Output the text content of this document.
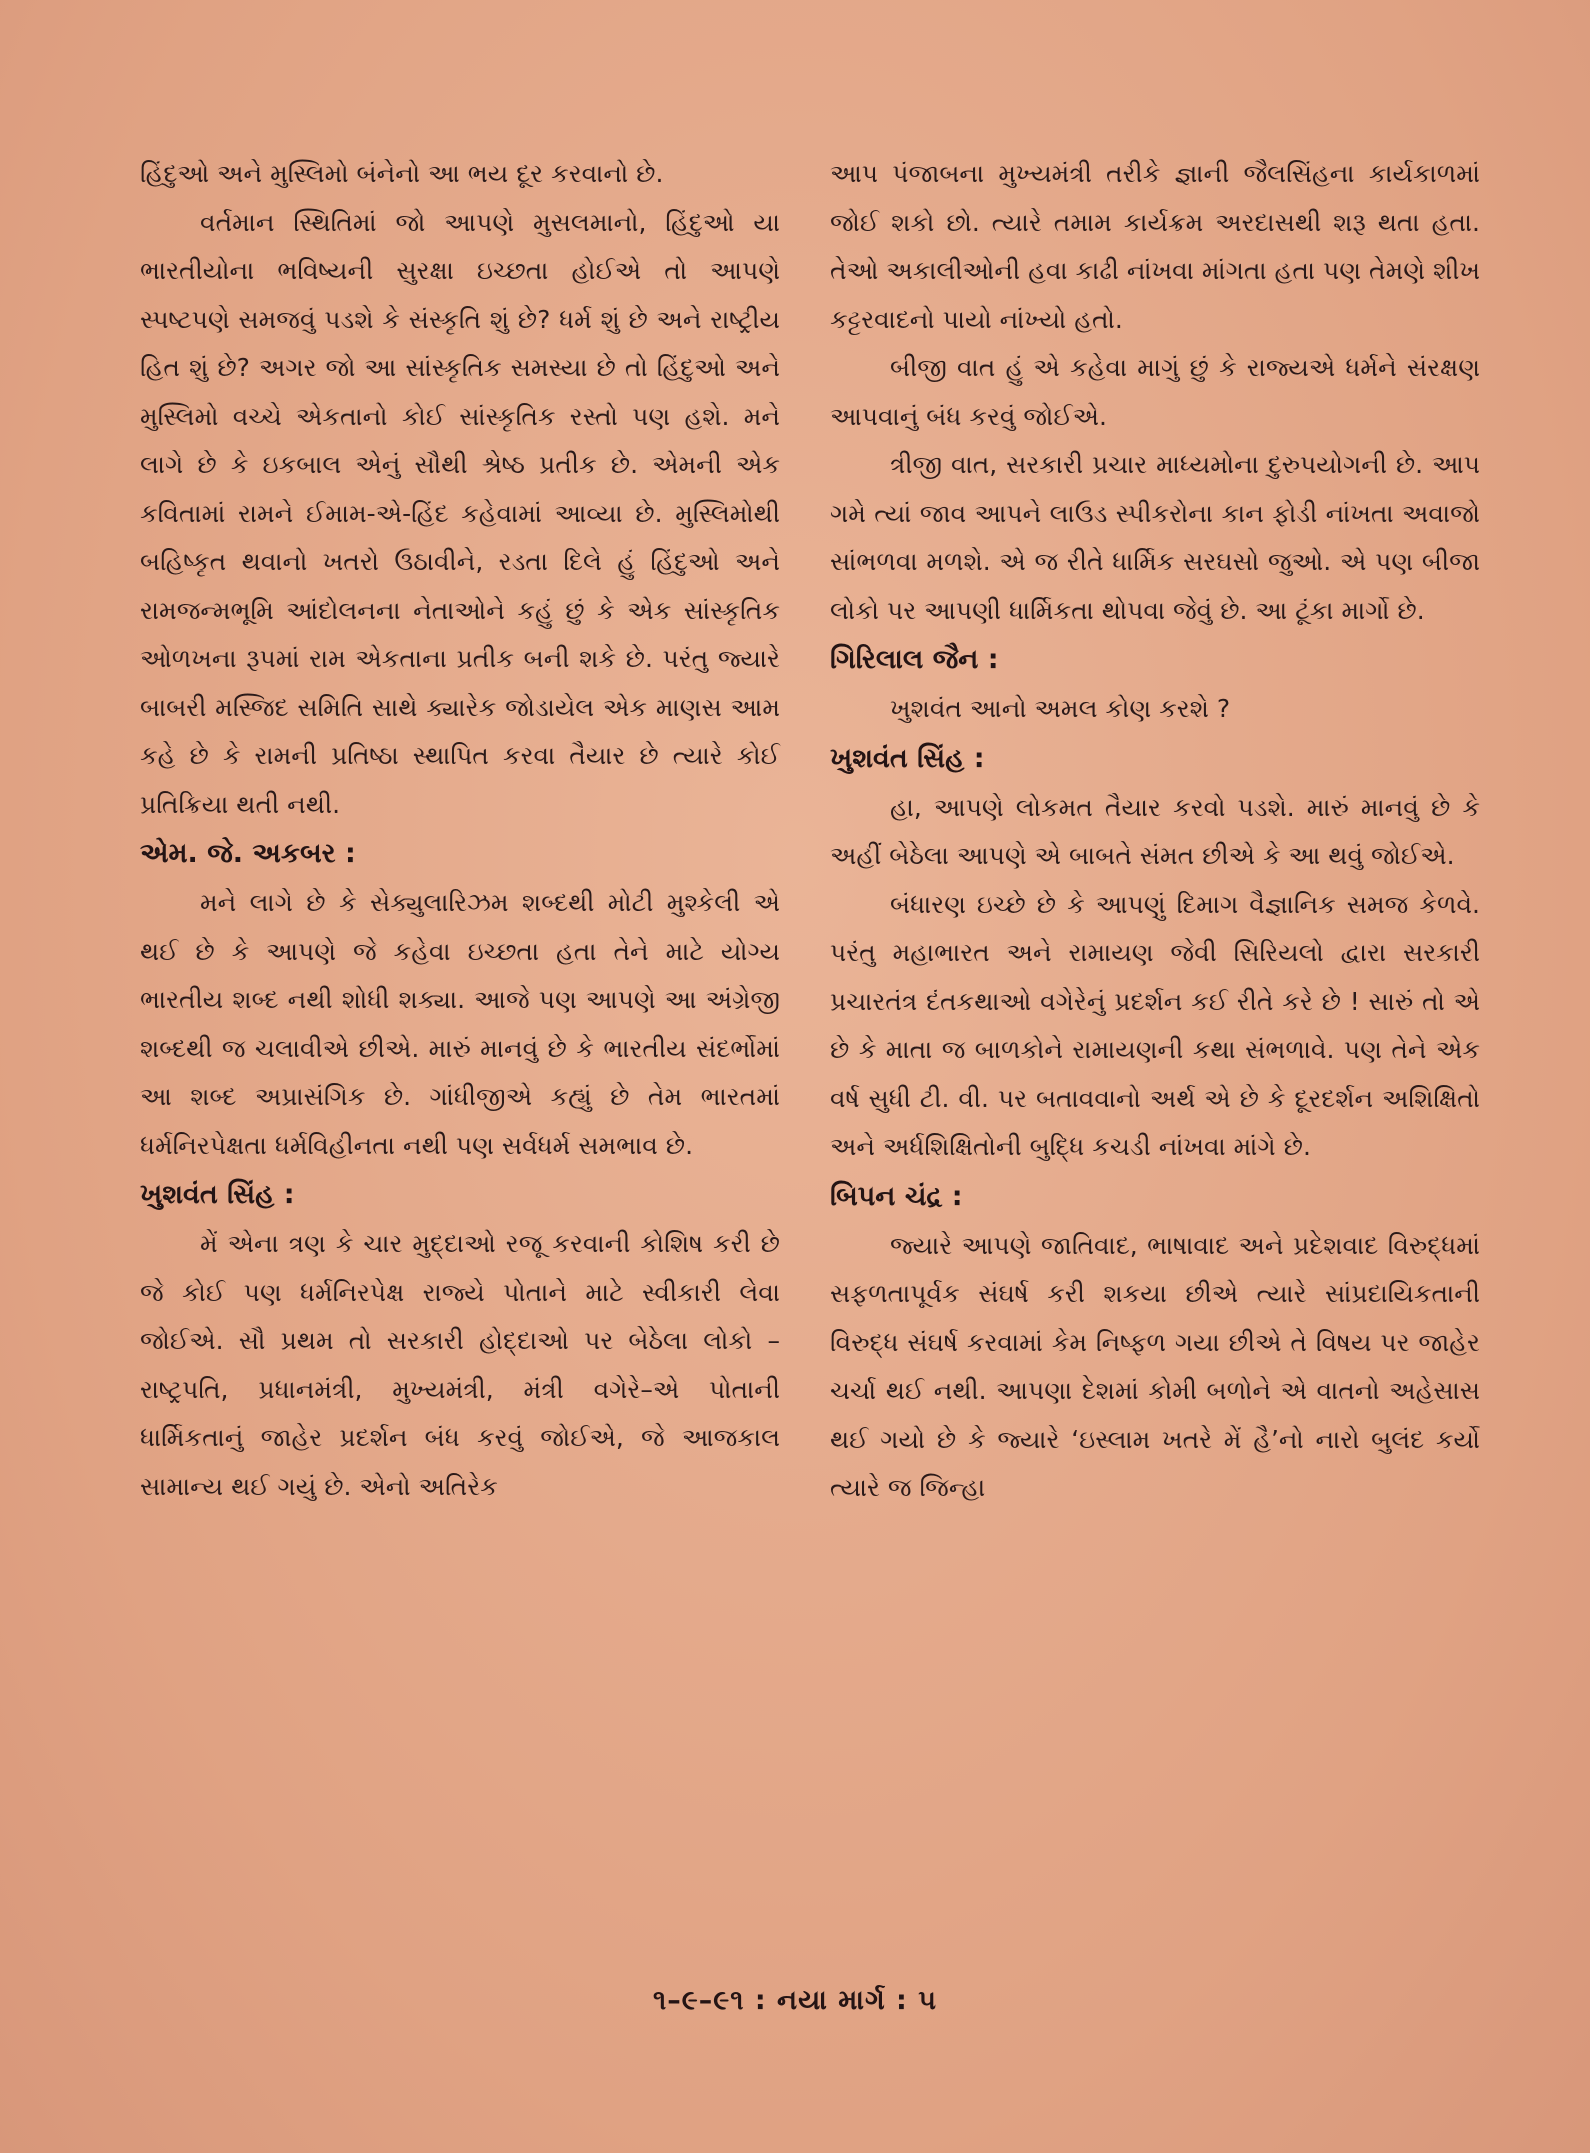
હિંદુઓ અને મુસ્લિમો બંનેનો આ ભય દૂર કરવાનો છે.

વર્તમાન સ્થિતિમાં જો આપણે મુસલમાનો, હિંદુઓ યા ભારતીયોના ભવિષ્યની સુરક્ષા ઇચ્છતા હોઈએ તો આપણે સ્પષ્ટપણે સમજવું પડશે કે સંસ્કૃતિ શું છે? ધર્મ શું છે અને રાષ્ટ્રીય હિત શું છે? અગર જો આ સાંસ્કૃતિક સમસ્યા છે તો હિંદુઓ અને મુસ્લિમો વચ્ચે એકતાનો કોઈ સાંસ્કૃતિક રસ્તો પણ હશે. મને લાગે છે કે ઇકબાલ એનું સૌથી શ્રેષ્ઠ પ્રતીક છે. એમની એક કવિતામાં રામને ઈમામ-એ-હિંદ કહેવામાં આવ્યા છે. મુસ્લિમોથી બહિષ્કૃત થવાનો ખતરો ઉઠાવીને, રડતા દિલે હું હિંદુઓ અને રામજન્મભૂમિ આંદોલનના નેતાઓને કહું છું કે એક સાંસ્કૃતિક ઓળખના રૂપમાં રામ એકતાના પ્રતીક બની શકે છે. પરંતુ જ્યારે બાબરી મસ્જિદ સમિતિ સાથે ક્યારેક જોડાયેલ એક માણસ આમ કહે છે કે રામની પ્રતિષ્ઠા સ્થાપિત કરવા તૈયાર છે ત્યારે કોઈ પ્રતિક્રિયા થતી નથી.

એમ. જે. અકબર :

મને લાગે છે કે સેક્યુલારિઝમ શબ્દથી મોટી મુશ્કેલી એ થઈ છે કે આપણે જે કહેવા ઇચ્છતા હતા તેને માટે યોગ્ય ભારતીય શબ્દ નથી શોધી શક્યા. આજે પણ આપણે આ અંગ્રેજી શબ્દથી જ ચલાવીએ છીએ. મારું માનવું છે કે ભારતીય સંદર્ભોમાં આ શબ્દ અપ્રાસંગિક છે. ગાંધીજીએ કહ્યું છે તેમ ભારતમાં ધર્મનિરપેક્ષતા ધર્મવિહીનતા નથી પણ સર્વધર્મ સમભાવ છે.

ખુશવંત સિંહ :

મેં એના ત્રણ કે ચાર મુદ્દાઓ રજૂ કરવાની કોશિષ કરી છે જે કોઈ પણ ધર્મનિરપેક્ષ રાજ્યે પોતાને માટે સ્વીકારી લેવા જોઈએ. સૌ પ્રથમ તો સરકારી હોદ્દાઓ પર બેઠેલા લોકો – રાષ્ટ્રપતિ, પ્રધાનમંત્રી, મુખ્યમંત્રી, મંત્રી વગેરે–એ પોતાની ધાર્મિકતાનું જાહેર પ્રદર્શન બંધ કરવું જોઈએ, જે આજકાલ સામાન્ય થઈ ગયું છે. એનો અતિરેક

આપ પંજાબના મુખ્યમંત્રી તરીકે જ્ઞાની જૈલસિંહના કાર્યકાળમાં જોઈ શકો છો. ત્યારે તમામ કાર્યક્રમ અરદાસથી શરૂ થતા હતા. તેઓ અકાલીઓની હવા કાઢી નાંખવા માંગતા હતા પણ તેમણે શીખ કટ્ટરવાદનો પાયો નાંખ્યો હતો.

બીજી વાત હું એ કહેવા માગું છું કે રાજ્યએ ધર્મને સંરક્ષણ આપવાનું બંધ કરવું જોઈએ.

ત્રીજી વાત, સરકારી પ્રચાર માધ્યમોના દુરુપયોગની છે. આપ ગમે ત્યાં જાવ આપને લાઉડ સ્પીકરોના કાન ફોડી નાંખતા અવાજો સાંભળવા મળશે. એ જ રીતે ધાર્મિક સરઘસો જુઓ. એ પણ બીજા લોકો પર આપણી ધાર્મિકતા થોપવા જેવું છે. આ ટૂંકા માર્ગો છે.

ગિરિલાલ જૈન :

ખુશવંત આનો અમલ કોણ કરશે ?

ખુશવંત સિંહ :

હા, આપણે લોકમત તૈયાર કરવો પડશે. મારું માનવું છે કે અહીં બેઠેલા આપણે એ બાબતે સંમત છીએ કે આ થવું જોઈએ.

બંધારણ ઇચ્છે છે કે આપણું દિમાગ વૈજ્ઞાનિક સમજ કેળવે. પરંતુ મહાભારત અને રામાયણ જેવી સિરિયલો દ્વારા સરકારી પ્રચારતંત્ર દંતકથાઓ વગેરેનું પ્રદર્શન કઈ રીતે કરે છે ! સારું તો એ છે કે માતા જ બાળકોને રામાયણની કથા સંભળાવે. પણ તેને એક વર્ષ સુધી ટી. વી. પર બતાવવાનો અર્થ એ છે કે દૂરદર્શન અશિક્ષિતો અને અર્ધશિક્ષિતોની બુદ્ધિ કચડી નાંખવા માંગે છે.

બિપન ચંદ્ર :

જ્યારે આપણે જાતિવાદ, ભાષાવાદ અને પ્રદેશવાદ વિરુદ્ધમાં સફળતાપૂર્વક સંઘર્ષ કરી શકયા છીએ ત્યારે સાંપ્રદાયિકતાની વિરુદ્ધ સંઘર્ષ કરવામાં કેમ નિષ્ફળ ગયા છીએ તે વિષય પર જાહેર ચર્ચા થઈ નથી. આપણા દેશમાં કોમી બળોને એ વાતનો અહેસાસ થઈ ગયો છે કે જ્યારે ‘ઇસ્લામ ખતરે મેં હૈ’નો નારો બુલંદ કર્યો ત્યારે જ જિન્હા

૧–૯–૯૧ : નયા માર્ગ : ૫
